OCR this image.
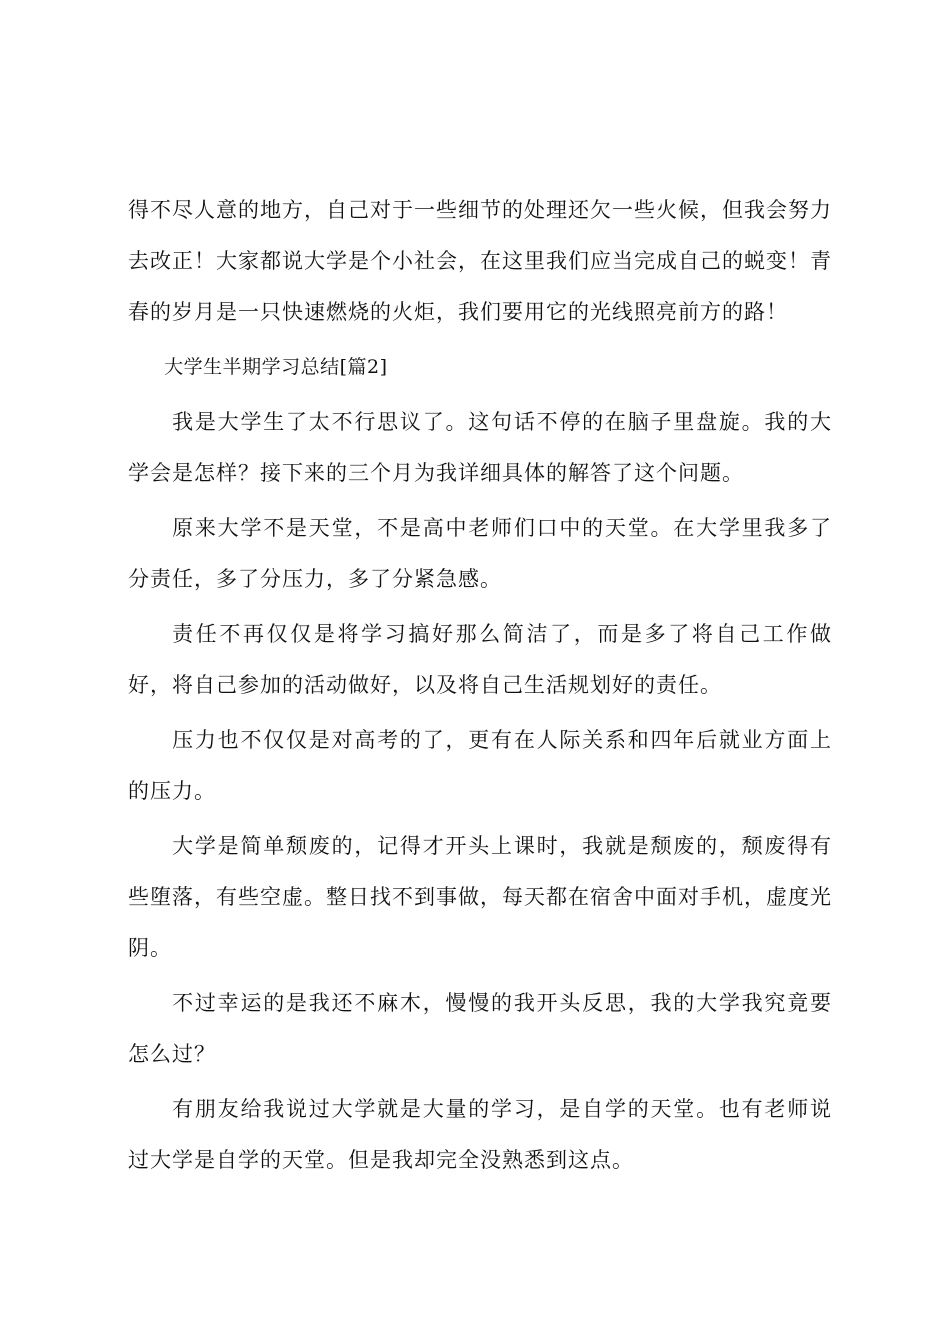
得不尽人意的地方，自己对于一些细节的处理还欠一些火候，但我会努力去改正！大家都说大学是个小社会，在这里我们应当完成自己的蜕变！青春的岁月是一只快速燃烧的火炬，我们要用它的光线照亮前方的路！

大学生半期学习总结[篇2]

我是大学生了太不行思议了。这句话不停的在脑子里盘旋。我的大学会是怎样？接下来的三个月为我详细具体的解答了这个问题。

原来大学不是天堂，不是高中老师们口中的天堂。在大学里我多了分责任，多了分压力，多了分紧急感。

责任不再仅仅是将学习搞好那么简洁了，而是多了将自己工作做好，将自己参加的活动做好，以及将自己生活规划好的责任。

压力也不仅仅是对高考的了，更有在人际关系和四年后就业方面上的压力。

大学是简单颓废的，记得才开头上课时，我就是颓废的，颓废得有些堕落，有些空虚。整日找不到事做，每天都在宿舍中面对手机，虚度光阴。

不过幸运的是我还不麻木，慢慢的我开头反思，我的大学我究竟要怎么过？

有朋友给我说过大学就是大量的学习，是自学的天堂。也有老师说过大学是自学的天堂。但是我却完全没熟悉到这点。
